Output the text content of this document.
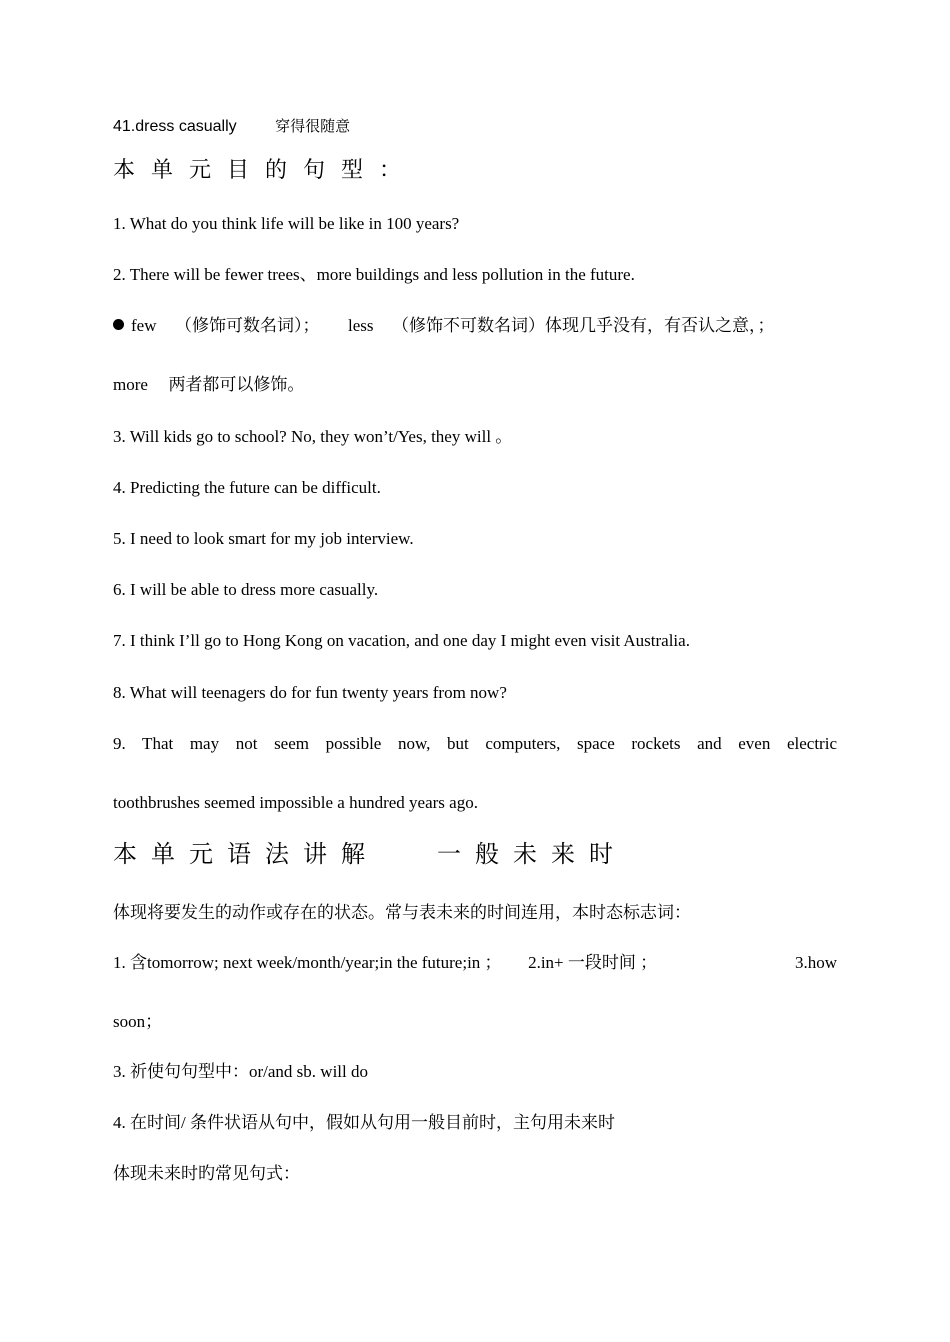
41.dress casually	穿得很随意
本 单 元 目 的 句 型 ：
1. What do you think life will be like in 100 years?
2. There will be fewer trees、more buildings and less pollution in the future.
few （修饰可数名词）； less （修饰不可数名词）体现几乎没有，有否认之意，；
more 两者都可以修饰。
3. Will kids go to school? No, they won’t/Yes, they will 。
4. Predicting the future can be difficult.
5. I need to look smart for my job interview.
6. I will be able to dress more casually.
7. I think I’ll go to Hong Kong on vacation, and one day I might even visit Australia.
8. What will teenagers do for fun twenty years from now?
9. That may not seem possible now, but computers, space rockets and even electric
toothbrushes seemed impossible a hundred years ago.
本 单 元 语 法 讲 解	一 般 未 来 时
体现将要发生的动作或存在的状态。常与表未来的时间连用，本时态标志词：
1. 含tomorrow; next week/month/year;in the future;in ； 2.in+ 一段时间 ；	3.how
soon；
3. 祈使句句型中：or/and sb. will do
4. 在时间/ 条件状语从句中，假如从句用一般目前时，主句用未来时
体现未来时旳常见句式：
